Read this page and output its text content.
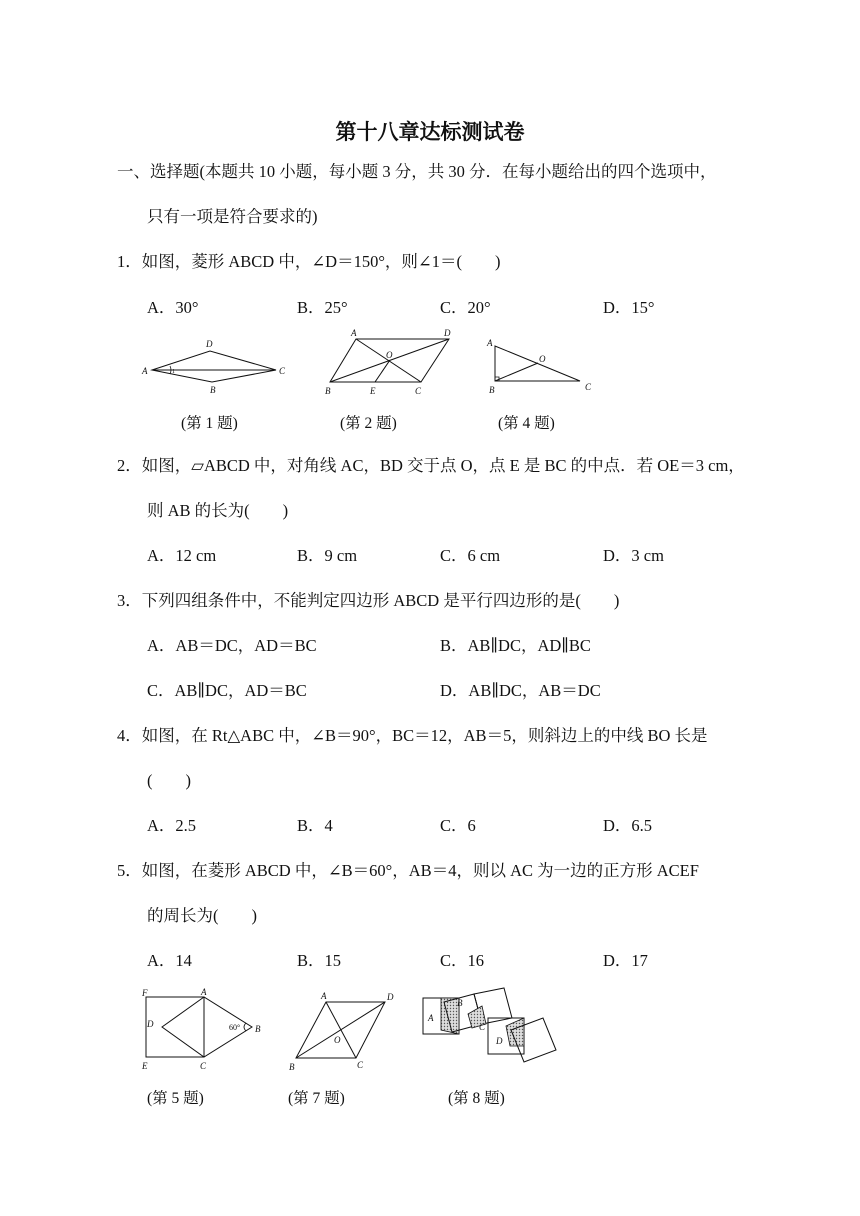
第十八章达标测试卷
一、选择题(本题共 10 小题，每小题 3 分，共 30 分．在每小题给出的四个选项中，
只有一项是符合要求的)
1．如图，菱形 ABCD 中，∠D＝150°，则∠1＝(　　)
A．30°	B．25°	C．20°	D．15°
A
D
C
B
1
(第 1 题)
A	D
O
B	E	C
(第 2 题)
A
O
B	C
(第 4 题)
2．如图，▱ABCD 中，对角线 AC，BD 交于点 O，点 E 是 BC 的中点．若 OE＝3 cm，
则 AB 的长为(　　)
A．12 cm	B．9 cm	C．6 cm	D．3 cm
3．下列四组条件中，不能判定四边形 ABCD 是平行四边形的是(　　)
A．AB＝DC，AD＝BC	B．AB∥DC，AD∥BC
C．AB∥DC，AD＝BC	D．AB∥DC，AB＝DC
4．如图，在 Rt△ABC 中，∠B＝90°，BC＝12，AB＝5，则斜边上的中线 BO 长是
(　　)
A．2.5	B．4	C．6	D．6.5
5．如图，在菱形 ABCD 中，∠B＝60°，AB＝4，则以 AC 为一边的正方形 ACEF
的周长为(　　)
A．14	B．15	C．16	D．17
F	A
D	60° B
E	C
(第 5 题)
A	D
O
B	C
(第 7 题)
A
B
C
D
(第 8 题)
